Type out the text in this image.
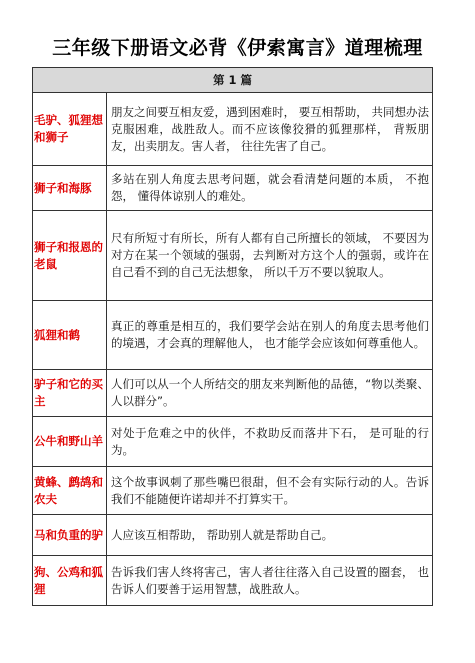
三年级下册语文必背《伊索寓言》道理梳理
第 1 篇	

毛驴、狐狸想和狮子	朋友之间要互相友爱，遇到困难时， 要互相帮助， 共同想办法克服困难，战胜敌人。而不应该像狡猾的狐狸那样， 背叛朋友，出卖朋友。害人者， 往往先害了自己。

狮子和海豚	多站在别人角度去思考问题，就会看清楚问题的本质， 不抱怨， 懂得体谅别人的难处。

狮子和报恩的老鼠	尺有所短寸有所长，所有人都有自己所擅长的领域， 不要因为对方在某一个领域的强弱，去判断对方这个人的强弱，或许在自己看不到的自己无法想象， 所以千万不要以貌取人。

狐狸和鹤	真正的尊重是相互的，我们要学会站在别人的角度去思考他们的境遇，才会真的理解他人， 也才能学会应该如何尊重他人。

驴子和它的买主	人们可以从一个人所结交的朋友来判断他的品德，“物以类聚、人以群分”。

公牛和野山羊	对处于危难之中的伙伴，不救助反而落井下石， 是可耻的行为。

黄蜂、鹧鸪和农夫	这个故事讽刺了那些嘴巴很甜，但不会有实际行动的人。告诉我们不能随便许诺却并不打算实干。

马和负重的驴	人应该互相帮助， 帮助别人就是帮助自己。

狗、公鸡和狐狸	告诉我们害人终将害己，害人者往往落入自己设置的圈套， 也告诉人们要善于运用智慧，战胜敌人。
